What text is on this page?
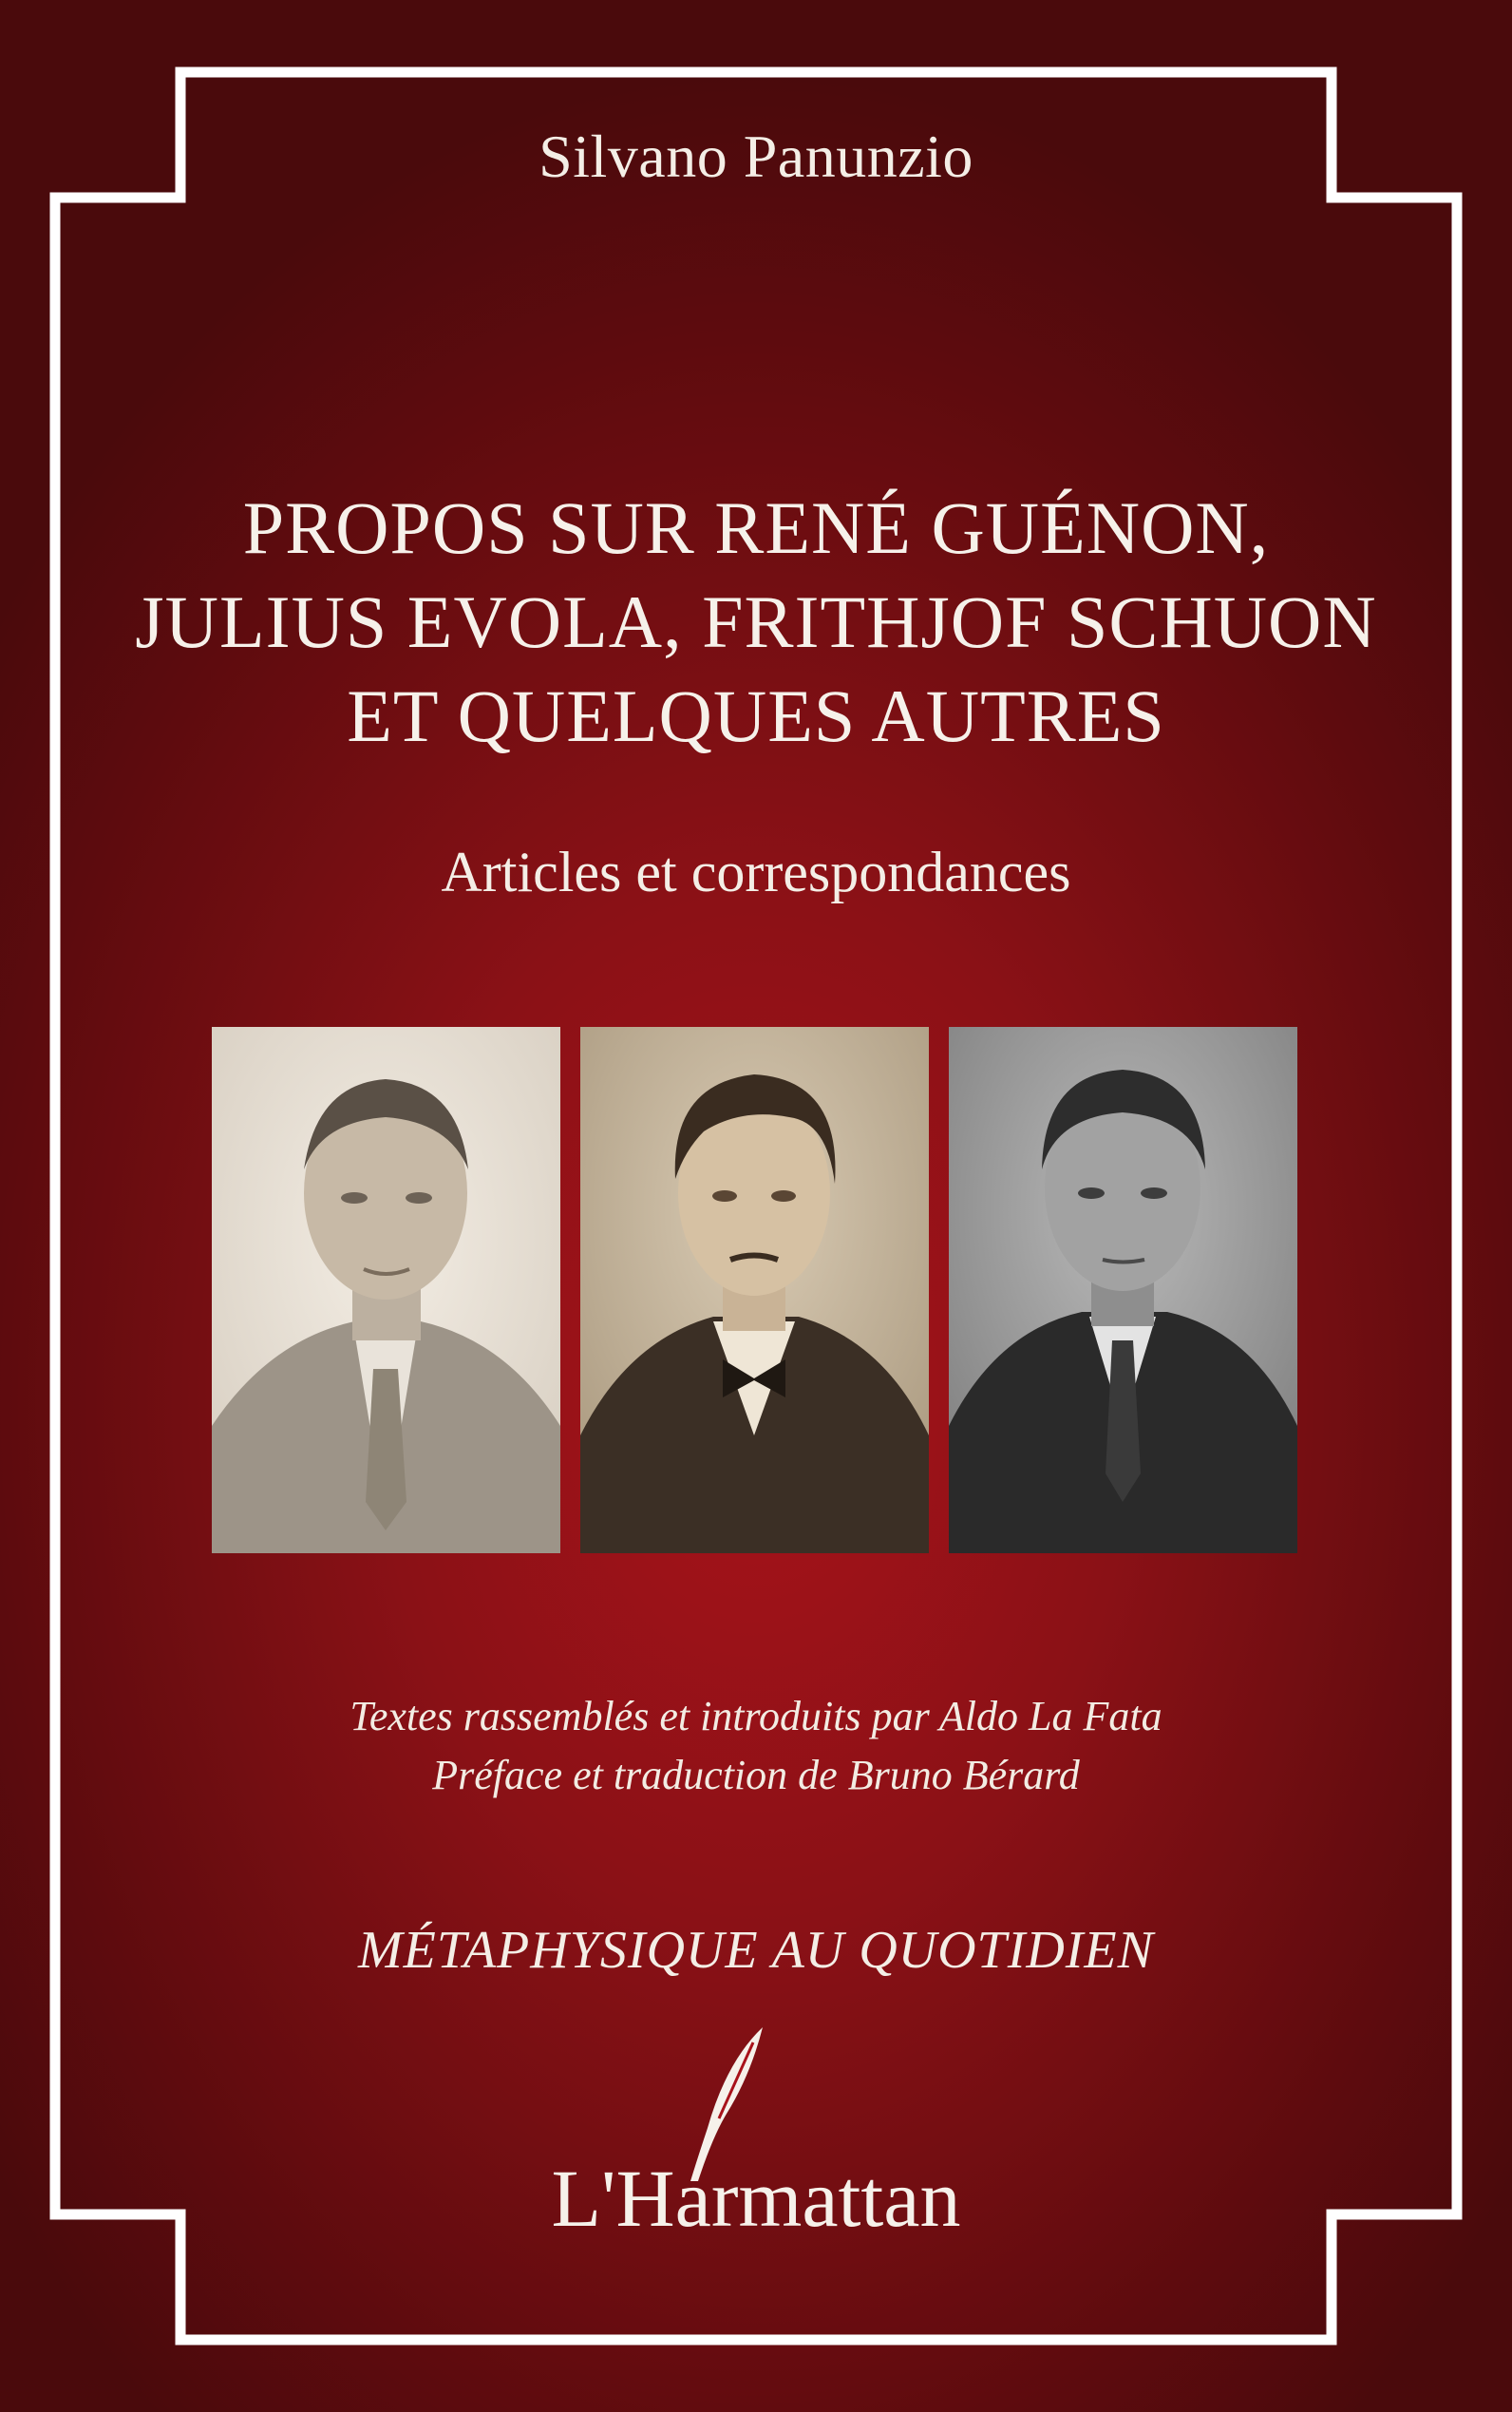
Silvano Panunzio
PROPOS SUR RENÉ GUÉNON,
JULIUS EVOLA, FRITHJOF SCHUON
ET QUELQUES AUTRES
Articles et correspondances
Textes rassemblés et introduits par Aldo La Fata
Préface et traduction de Bruno Bérard
MÉTAPHYSIQUE AU QUOTIDIEN
L'Harmattan
